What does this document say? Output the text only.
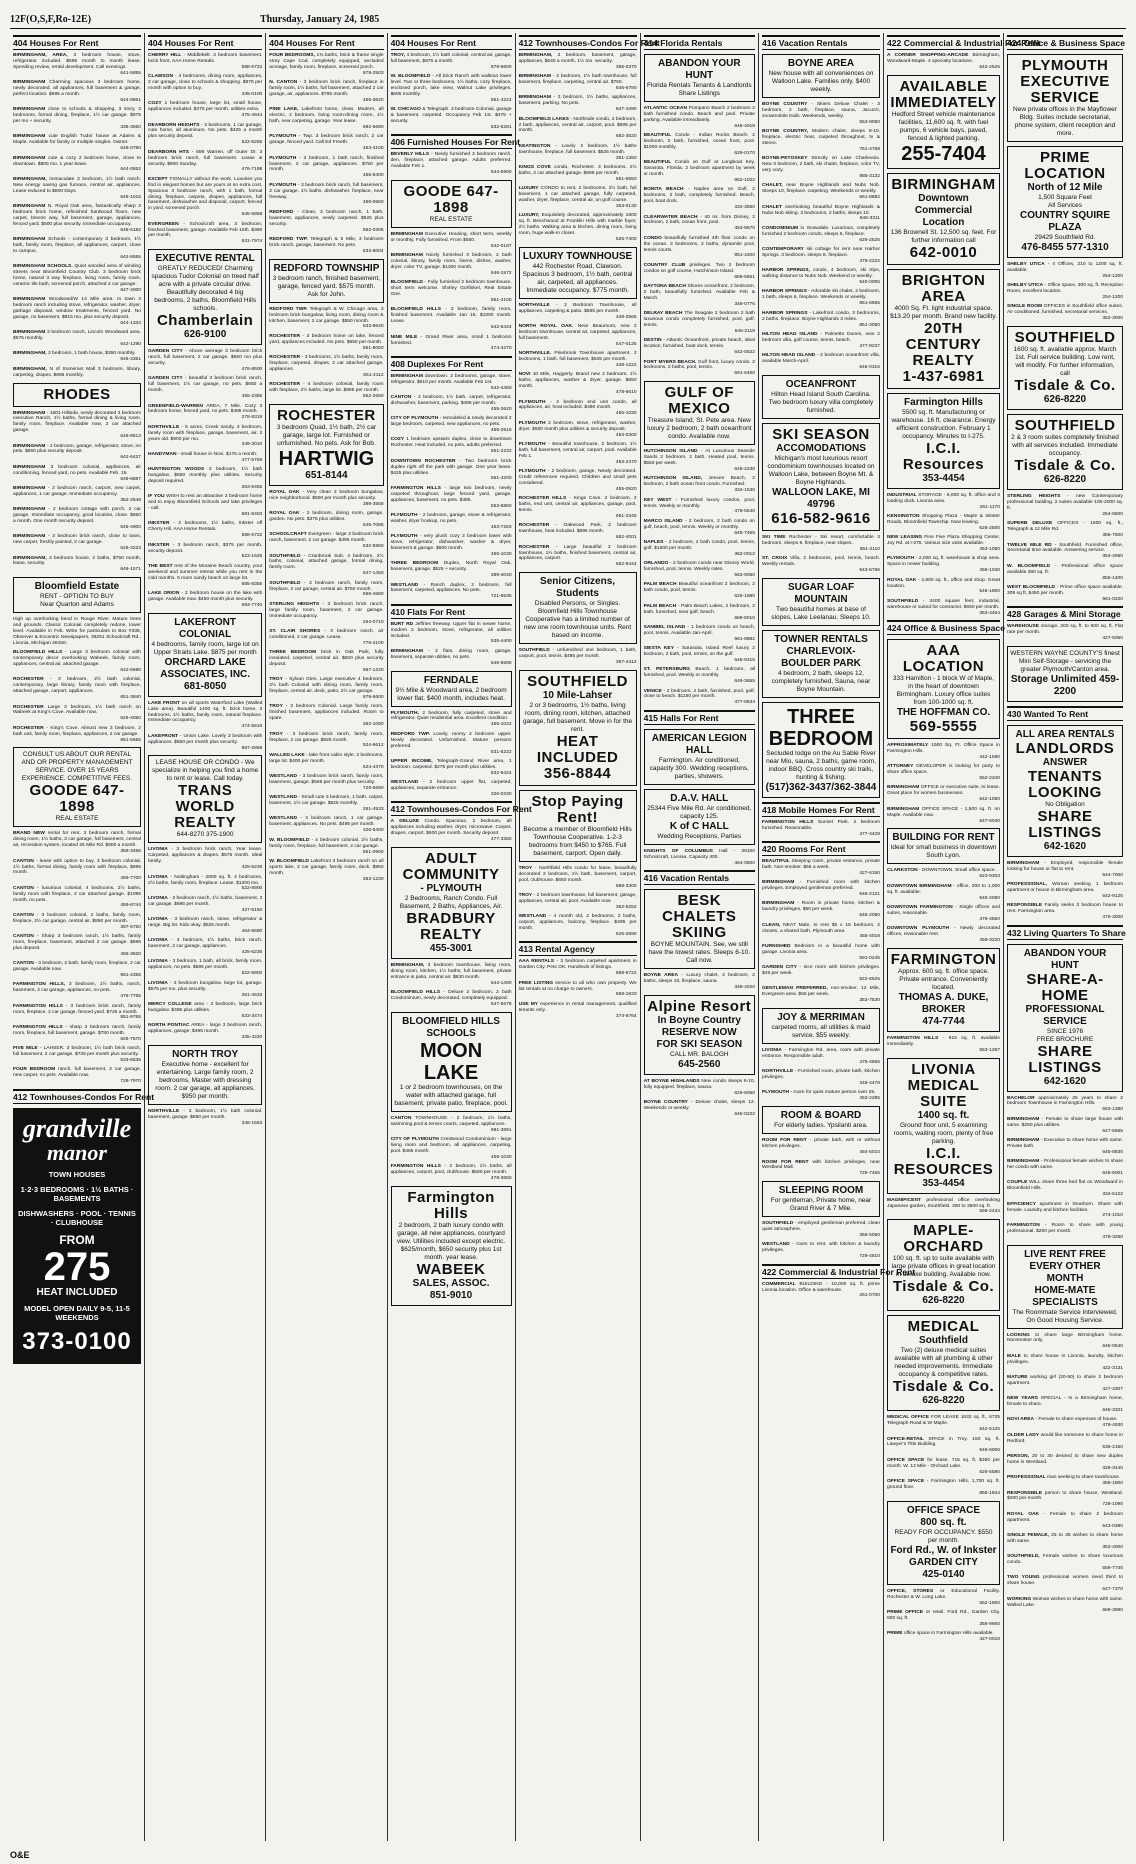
12F(O,S,F,Ro-12E)	Thursday, January 24, 1985
404 Houses For Rent
BIRMINGHAM, AREA, 3 bedroom house, stove, refrigerator included. $595 month to month lease. Spending review, rental development. Call evenings.
641-5855
BIRMINGHAM Charming spacious 3 bedroom home, newly decorated, all appliances, full basement & garage, perfect location. $695 a month.
644-6861
BIRMINGHAM close to schools & shopping, 3 story, 3 bedrooms, formal dining, fireplace, 1½ car garage. $975 per mo + security.
335-3550
BIRMINGHAM cute English Tudor house at Adams & Maple. Available for family or multiple singles. Owner.
645-0750
BIRMINGHAM cute & cozy 2 bedroom home, close to downtown. $800 mo. 1 year lease.
644-0652
BIRMINGHAM, immaculate 3 bedroom, 1½ bath ranch. New energy saving gas furnace, central air, appliances. Lease reduced to $800 Days.
645-1015
BIRMINGHAM N. Royal Oak area, fantastically sharp 3 bedroom brick home, refinished hardwood floors, new carpet, breeze way, full basement, garage, appliances, fenced yard. $500 plus security. Immediate occupancy.
645-5182
BIRMINGHAM Schools - contemporary 3 bedroom, 1½ bath, family room, fireplace, all appliances, carport, close to campus.
642-5555
BIRMINGHAM SCHOOLS. Quiet wooded area of winding streets near Bloomfield Country Club. 3 bedroom brick home, natural 3 way fireplace, living room, family room, ceramic tile bath, screened porch, attached 2 car garage.
647-4000
BIRMINGHAM Woodward/W 14 Mile area. In town 3 bedroom ranch including stove, refrigerator, washer, dryer, garbage disposal, window treatments, fenced yard. No garage, no basement. $815 mo. plus security deposit.
644-1334
BIRMINGHAM 3 bedroom ranch, Lincoln Woodward area. $575 monthly.
642-1290
BIRMINGHAM, 2 bedroom, 1 bath house, $350 monthly.
646-3351
BIRMINGHAM, N of Somerset Mall 3 bedroom, library, carpeting, drapes. $895 monthly.
RHODES
BIRMINGHAM - 1601 Hillside, newly decorated 3 bedroom executive Ranch, 1½ baths, formal dining & living room, family room, fireplace. Available now, 2 car attached garage.
645-8513
BIRMINGHAM - 2 bedroom, garage, refrigerator, stove, no pets. $550 plus security deposit.
642-6427
BIRMINGHAM 3 bedroom colonial, appliances, air conditioning, fenced yard, no pets. Available Feb. 15.
649-8887
BIRMINGHAM - 2 bedroom ranch, carport, new carpet, appliances, 1 car garage. Immediate occupancy.
352-2548
BIRMINGHAM - 2 bedroom cottage with porch, 2 car garage. Immediate occupancy, good location, close. $650 a month. One month security deposit.
645-4900
BIRMINGHAM - 3 bedroom brick ranch, close to town, new carpet, freshly painted, 2 car garage.
626-3223
BIRMINGHAM, 3 bedroom house, 2 baths, $750 month, lease, security.
646-1571
Bloomfield Estate
RENT - OPTION TO BUY
Near Quarton and Adams
High up overlooking bend in Rouge River. Mature trees and grounds. Classic Colonial completely redone, lower level. Available in Feb. Write for particulars to Box #338, Observer & Eccentric Newspapers, 36251 Schoolcraft Rd., Livonia, Michigan 48150.
BLOOMFIELD HILLS - Large 3 bedroom colonial with contemporary decor overlooking Wabeek, family room, appliances, central air, attached garage.
642-6690
ROCHESTER - 3 bedroom, 2½ bath colonial, contemporary, large library, family room with fireplace, attached garage, carport, appliances.
651-3840
ROCHESTER Large 3 bedroom, 1½ bath ranch on Wabeek at King's Cove. Available now.
626-4050
ROCHESTER - King's Cove. Almost new 3 bedroom, 2 bath unit, family room, fireplace, appliances, 2 car garage.
651-5655
CONSULT US ABOUT OUR RENTAL AND OR PROPERTY MANAGEMENT SERVICE. OVER 15 YEARS EXPERIENCE. COMPETITIVE FEES.
GOODE 647-1898
REAL ESTATE
BRAND NEW rental for rent. 3 bedroom ranch, formal dining room, 1½ baths, 2 car garage, full basement, central air, recreation system, located 25 Mile Rd. $800 a month.
358-3456
CANTON - lease with option to buy. 3 bedroom colonial, 1½ baths, formal dining, family room with fireplace, $695 month.
459-7700
CANTON - luxurious colonial, 4 bedrooms, 2½ baths, family room with fireplace, 2 car attached garage. $1095 month, no pets.
459-8744
CANTON - 3 bedroom colonial, 2 baths, family room, fireplace, 2½ car garage, central air. $850 per month.
397-6750
CANTON - Sharp 3 bedroom ranch, 1½ baths, family room, fireplace, basement, attached 2 car garage. $695 plus deposit.
455-3620
CANTON - 3 bedroom, 2 bath, family room, fireplace, 2 car garage. Available now.
981-4355
FARMINGTON HILLS, 3 bedroom, 1½ baths, ranch, basement, 2 car garage, appliances, no pets.
476-7765
FARMINGTON HILLS - 3 bedroom brick ranch, family room, fireplace, 2 car garage, fenced yard. $725 a month.
851-9755
FARMINGTON HILLS - sharp 3 bedroom ranch, family room, fireplace, full basement, garage. $750 month.
626-7570
FIVE MILE - LAHSER, 3 bedroom, 1½ bath brick ranch, full basement, 2 car garage. $725 per month plus security.
533-6535
FOUR BEDROOM ranch, full basement, 2 car garage, new carpet, no pets. Available now.
728-7970
412 Townhouses-Condos For Rent
grandville
manor
TOWN HOUSES
1·2·3 BEDROOMS · 1½ BATHS · BASEMENTS
DISHWASHERS · POOL · TENNIS · CLUBHOUSE
FROM
275
HEAT INCLUDED
MODEL OPEN DAILY 9-5, 11-5 WEEKENDS
373-0100
404 Houses For Rent
CHERRY HILL - Middlebelt. 3 bedroom basement, brick front, AAA Home Rentals.
588-6722
CLAWSON - 4 bedrooms, dining room, appliances, 2 car garage, close to schools & shopping. $975 per month with option to buy.
435-0100
COZY 1 bedroom house, large lot, small house, appliances included. $375 per month, utilities extra.
475-4944
DEARBORN HEIGHTS - 3 bedrooms, 1 car garage, cute home, all aluminum. No pets. $425 a month plus security deposit.
522-6265
DEARBORN HTS - 698 Warren, off Outer Dr. 3 bedroom brick ranch, full basement. Lease & security. $900 Sunday.
476-7198
EXCEPT TIONALLY without the work. Luxuries you find in elegant homes but are yours at no extra cost. Spacious 3 bedroom ranch, with 1 bath, formal dining, fireplace, carpets, drapes, appliances, full basement, dishwasher and disposal, carport, fenced in yard, screened porch.
645-5858
EVERGREEN - Schoolcraft area, 3 bedroom, finished basement, garage. Available Feb 15th. $380 per month.
531-7974
EXECUTIVE RENTAL
GREATLY REDUCED! Charming spacious Tudor Colonial on treed half acre with a private circular drive. Beautifully decorated 4 big bedrooms, 2 baths, Bloomfield Hills schools.
Chamberlain
626-9100
GARDEN CITY - Above average 3 bedroom brick ranch, full basement, 2 car garage. $650 mo plus security.
476-8500
GARDEN CITY - beautiful 3 bedroom brick ranch, full basement, 1½ car garage, no pets. $650 a month.
455-2355
GREENFIELD-WARREN AREA, 7 Mile. Cozy 3 bedroom home, fenced yard, no pets. $485 month.
278-8319
NORTHVILLE - 5 acres, Creek sandy, 3 bedroom, family room with fireplace, garage, basement, air. 2 years old. $900 per mo.
349-3010
HANDYMAN - small house in Novi. $175 a month.
477-5769
HUNTINGTON WOODS 3 bedroom, 1½ bath bungalow, $650 monthly plus utilities. Security deposit required.
263-6455
IF YOU WISH to rent an attractive 3 bedroom home and to enjoy Bloomfield Schools and lake privileges - call.
681-6403
INKSTER - 3 bedrooms, 1½ baths, Inkster off Cherry Hill. AAA Home Rentals.
588-6722
INKSTER - 3 bedroom ranch, $375 per month, security deposit.
523-1625
THE BEST rent of the Moraine Beach country, your weekend and summer retreat while you rent in the cold months. 5 room sandy beach on large lot.
685-8355
LAKE ORION - 2 bedroom house on the lake with garage. Available now. $450 month plus security.
693-7740
LAKEFRONT COLONIAL
4 bedrooms, family room, large lot on Upper Straits Lake. $875 per month
ORCHARD LAKE
ASSOCIATES, INC.
681-8050
LAKE FRONT on all sports Waterford Lake (Walled Lake area). Beautiful 1400 sq. ft. brick home, 3 bedrooms, 1½ baths, family room, natural fireplace. Immediate occupancy.
474-5616
LAKEFRONT - Union Lake. Lovely 3 bedroom with appliances. $550 per month plus security.
887-2868
LEASE HOUSE OR CONDO - We specialize in helping you find a home to rent or lease. Call today.
TRANS WORLD
REALTY
644-8270 375-1900
LIVONIA - 3 bedroom brick ranch, Year lease. Carpeted, appliances & drapes. $575 month. Ideal family.
425-6236
LIVONIA - Nottingham - 2800 sq. ft. 4 bedrooms, 2½ baths, family room, fireplace. Lease. $1200 mo.
522-8900
LIVONIA - 3 bedroom ranch, 1½ baths, basement, 2 car garage. $695 per month.
427-6150
LIVONIA - 3 bedroom ranch, stove, refrigerator & range. Big lot. Kids okay. $525 month.
464-6690
LIVONIA - 3 bedroom, 1½ baths, brick ranch, basement, 2 car garage, appliances.
425-6236
LIVONIA - 3 bedroom, 1 bath, all brick, family room, appliances, no pets. $595 per month.
522-8900
LIVONIA - 3 bedroom bungalow, large lot, garage. $575 per mo. plus security.
261-4533
MERCY COLLEGE area - 3 bedroom, large brick bungalow. $495 plus utilities.
533-3474
NORTH PONTIAC AREA - large 3 bedroom ranch, appliances, garage, $495 month.
335-4220
NORTH TROY
Executive home - excellent for entertaining. Large family room, 2 bedrooms, Master with dressing room. 2 car garage, all appliances. $950 per month.
NORTHVILLE - 3 bedroom, 1½ bath colonial, basement, garage. $850 per month.
348-1563
404 Houses For Rent
FOUR BEDROOMS, 1¾ baths, brick & frame single story Cape Cod, completely equipped, secluded acreage, family room, fireplace, screened porch.
879-2503
N. CANTON - 3 bedroom brick ranch, fireplace in family room, 1½ baths, full basement, attached 2 car garage, air, appliances. $795 month.
455-3620
PINE LAKE, Lakefront home, clean. Modern, all electric, 2 bedroom, living room-dining room, 1½ bath, new carpeting, garage. Year lease.
682-5690
PLYMOUTH - Twp. 3 bedroom brick ranch, 2 car garage, fenced yard. Call Ed Freeth.
453-4100
PLYMOUTH - 3 bedroom, 1 bath ranch, finished basement, 2 car garage, appliances. $750 per month.
455-8400
PLYMOUTH - 3 bedroom brick ranch, full basement, 2 car garage, 1½ baths, dishwasher, fireplace, near freeway.
459-0550
REDFORD - Clean, 3 bedroom ranch, 1 bath, basement, appliances, newly carpeted. $525 plus security.
592-0306
REDFORD TWP. Telegraph & 5 Mile, 3 bedroom brick ranch, garage, basement. No pets.
533-8004
REDFORD TOWNSHIP
3 bedroom ranch, finished basement, garage, fenced yard. $575 month. Ask for John.
REDFORD TWP. Telegraph & W. Chicago area, 3 bedroom brick bungalow, living room, dining room & kitchen, basement, 2 car garage. $550 month.
533-9640
ROCHESTER - 3 bedroom home on lake, fenced yard, appliances included. No pets. $650 per month.
651-8050
ROCHESTER - 3 bedrooms, 1½ baths, family room, fireplace, carpeted, drapes, 2 car attached garage, appliances.
651-2112
ROCHESTER - 4 bedroom colonial, family room with fireplace, 2½ baths, large lot. $995 per month.
652-2650
ROCHESTER
3 bedroom Quad, 1½ bath, 2½ car garage, large lot. Furnished or unfurnished. No pets. Ask for Bob.
HARTWIG
651-8144
ROYAL OAK - Very clean 3 bedroom bungalow, nice neighborhood. $500 per month plus security.
398-3558
ROYAL OAK - 2 bedroom, dining room, garage, garden. No pets. $375 plus utilities.
645-7085
SCHOOLCRAFT Evergreen - large 3 bedroom brick ranch, basement, 2 car garage. $495 month.
532-5960
SOUTHFIELD - Cranbrook Sub. 4 bedroom, 2½ baths, colonial, attached garage, formal dining, family room.
647-1450
SOUTHFIELD - 3 bedroom ranch, family room, fireplace, 2 car garage, central air. $750 month.
569-4680
STERLING HEIGHTS - 3 bedroom brick ranch, large family room, basement, 2 car garage. Immediate occupancy.
254-0710
ST. CLAIR SHORES - 3 bedroom ranch, air conditioned, 2 car garage. Lease.
776-4100
THREE BEDROOM brick in Oak Park, fully insulated, carpeted, central air. $650 plus security deposit.
967-1220
TROY - Sylvan Glen. Large executive 4 bedroom, 2½ bath Colonial with dining room, family room, fireplace, central air, deck, patio, 2½ car garage.
879-6600
TROY - 3 bedroom Colonial. Large family room, finished basement, appliances included. Room to spare.
362-1090
TROY - 3 bedroom brick ranch, family room, fireplace, 2 car garage. $825 month.
524-6612
WALLED LAKE - lake front cabin style, 2 bedrooms, large lot. $400 per month.
624-4370
WESTLAND - 3 bedroom brick ranch, family room, basement, garage. $585 per month plus security.
729-5690
WESTLAND - Small cute 3 bedroom, 1 bath, carpet, basement, 1½ car garage. $525 monthly.
261-4533
WESTLAND - 3 bedroom ranch, 1 car garage, basement, appliances. No pets. $495 per month.
326-5400
W. BLOOMFIELD - 4 bedroom colonial, 2½ baths, family room, fireplace, full basement, 2 car garage.
851-0900
W. BLOOMFIELD Lakefront 3 bedroom ranch on all sports lake, 2 car garage, family room, deck. $950 month.
363-1230
404 Houses For Rent
TROY, 4 bedroom, 1½ bath colonial, central air, garage, full basement, $875 a month.
879-6600
W. BLOOMFIELD - All brick Ranch with walkout lower level. Two or three bedrooms, 1½ baths, cozy fireplace, enclosed porch, lake view, Walnut Lake privileges. $695 monthly.
851-4224
W. CHICAGO & Telegraph. 3 bedroom Colonial, garage & basement, carpeted. Occupancy Feb 1st. $475 + security.
532-6281
406 Furnished Houses For Rent
BEVERLY HILLS - Newly furnished 3 bedroom ranch, den, fireplace, attached garage. Adults preferred. Available Feb 1.
644-5900
GOODE 647-1898
REAL ESTATE
BIRMINGHAM Executive Housing, short term, weekly or monthly. Fully furnished. From $550.
642-0187
BIRMINGHAM Nicely furnished 3 bedroom, 2 bath colonial, library, family room, linens, dishes, washer, dryer, color TV, garage. $1300 month.
646-1572
BLOOMFIELD - Fully furnished 2 bedroom townhouse, short term welcome. Shirley Gorfinkel, Real Estate One.
851-4100
BLOOMFIELD HILLS - 3 bedroom, family room, finished basement. Available Jan 15. $1000 month. Lease.
642-5444
NINE MILE - Grand River area, small 1 bedroom furnished.
474-4270
408 Duplexes For Rent
BIRMINGHAM downtown. 2 bedrooms, garage, stove, refrigerator. $610 per month. Available Feb 1st.
642-4450
CANTON - 2 bedroom, 1½ bath, carpet, refrigerator, dishwasher, basement, parking. $495 per month.
455-3620
CITY OF PLYMOUTH - remodeled & newly decorated 2 large bedroom, carpeted, new appliances, no pets.
455-2516
COZY 1 bedroom upstairs duplex, close to downtown Rochester. Heat included, no pets, adults preferred.
651-2232
DOWNTOWN ROCHESTER - Two bedroom brick duplex right off the park with garage. One year lease. $425 plus utilities.
651-4200
FARMINGTON HILLS - large two bedroom, newly carpeted throughout, large fenced yard, garage, appliances, basement, no pets. $495.
553-6850
PLYMOUTH - 2 bedroom, garage, stove & refrigerator, washer, dryer hookup, no pets.
453-7283
PLYMOUTH - very plush cozy 3 bedroom lower with stove, refrigerator, dishwasher, washer & dryer, basement & garage. $600 month.
455-1030
THREE BEDROOM Duplex, North Royal Oak, basement, garage. $525 + security.
399-4040
WESTLAND - Ranch duplex, 2 bedroom, full basement, carpeted, appliances. No pets.
721-6535
410 Flats For Rent
BURT RD Jeffries freeway. Upper flat in newer home, modern 2 bedroom, stove, refrigerator, all utilities included.
535-4400
BIRMINGHAM - 2 flats, dining room, garage, basement, separate utilities, no pets.
646-5596
FERNDALE
9½ Mile & Woodward area, 2 bedroom lower flat. $400 month, includes heat.
PLYMOUTH, 2 bedroom, fully carpeted, stove and refrigerator. Quiet residential area. Excellent condition.
455-1022
REDFORD TWP. Lovely, roomy 2 bedroom upper. Newly decorated. Unfurnished. Mature persons preferred.
531-6222
UPPER INCOME, Telegraph-Grand River area, 1 bedroom, carpeted. $275 per month plus utilities.
532-9424
WESTLAND - 2 bedroom upper flat, carpeted, appliances, separate entrance.
326-0330
412 Townhouses-Condos For Rent
A DELUXE Condo. Spacious, 2 bedroom, all appliances including washer, dryer, microwave. Carpet, drapes, carport. $600 per month. Security deposit.
477-3350
ADULT COMMUNITY
- PLYMOUTH
2 Bedrooms, Ranch Condo. Full Basement, 2 Baths, Appliances, Air.
BRADBURY REALTY
455-3001
BIRMINGHAM, 3 bedroom townhouse, living room, dining room, kitchen, 1½ baths, full basement, private entrance & patio, central air. $830 month.
644-1490
BLOOMFIELD HILLS - Deluxe 2 bedroom, 2 bath Condominium, newly decorated, completely equipped.
647-5678
BLOOMFIELD HILLS SCHOOLS
MOON LAKE
1 or 2 bedroom townhouses, on the water with attached garage, full basement, private patio, fireplace, pool.
CANTON TOWNHOUSE - 2 bedroom, 1½ baths, swimming pool & tennis courts, carpeted, appliances.
981-3891
CITY OF PLYMOUTH Crestwood Condominium - large living room and bedroom, all appliances, carpeting, pool. $465 month.
455-1030
FARMINGTON HILLS - 2 bedroom, 1½ baths, all appliances, carport, pool, clubhouse. $580 per month.
478-3650
Farmington Hills
2 bedroom, 2 bath luxury condo with garage, all new appliances, courtyard view. Utilities included except electric. $625/month, $650 security plus 1st month. year lease.
WABEEK
SALES, ASSOC.
851-9010
412 Townhouses-Condos For Rent
BIRMINGHAM, 2 bedroom, basement, garage, appliances, $640 a month, 1½ mo. security.
355-0370
BIRMINGHAM - 2 bedroom, 1½ bath townhouse, full basement, fireplace, carpeting, central air. $750.
646-6780
BIRMINGHAM - 3 bedroom, 1½ baths, appliances, basement, parking. No pets.
647-1090
BLOOMFIELD LAKES - Northside condo, 2 bedroom, 2 bath, appliances, central air, carport, pool. $695 per month.
682-3520
KEATINGTON - Lovely 2 bedroom, 1½ baths townhouse, fireplace, full basement. $525 month.
391-1350
KINGS COVE condo, Rochester. 3 bedrooms, 2½ baths, 2 car attached garage. $895 per month.
651-6550
LUXURY CONDO to rent, 2 bedrooms, 2½ bath, full basement, 1 car attached garage, fully carpeted, washer, dryer, fireplace, central air, on golf course.
353-0130
LUXURY, Exquisitely decorated, approximately 1600 sq. ft. Beechwood at Franklin Hills with marble foyer, 2½ baths. Walking area & kitchen, dining room, living room, huge walk-in closet.
626-7400
LUXURY TOWNHOUSE
442 Rochester Road, Clawson. Spacious 3 bedroom, 1½ bath, central air, carpeted, all appliances. Immediate occupancy. $775 month.
NORTHVILLE - 2 Bedroom Townhouse, all appliances, carpeting & patio. $585 per month.
349-2565
NORTH ROYAL OAK. Near Beaumont, new 2 bedroom townhouse, central air, carpeted, appliances, full basement.
547-0125
NORTHVILLE. Pinebrook Townhouse apartment. 2 bedrooms, 1 bath, full basement, $525 per month.
348-1222
NOVI 10 Mile, Haggerty. Brand new 2 bedroom, 1½ baths, appliances, washer & dryer, garage. $650 month.
478-6610
PLYMOUTH - 2 bedroom end unit condo, all appliances, air, heat included. $490 month.
455-1030
PLYMOUTH 2 bedroom, stove, refrigerator, washer, dryer. $500 month plus utilities & security deposit.
453-0300
PLYMOUTH - Beautiful townhouse, 2 bedroom, 1½ bath, full basement, central air, carport, pool. Available Feb 1.
453-2470
PLYMOUTH - 2 bedroom, garage, Newly decorated. Credit references required. Children and small pets considered.
455-0820
ROCHESTER HILLS - Kings Cove. 2 bedroom, 2 baths, end unit, central air, appliances, garage, pool, tennis.
651-2345
ROCHESTER - Oakwood Park, 2 bedroom townhouse, heat included. $595 month.
652-4001
ROCHESTER - Large beautiful 2 bedroom townhouse, 1½ baths, finished basement, central air, appliances, carport.
652-8444
Senior Citizens, Students
Disabled Persons, or Singles. Bloomfield Hills Townhouse Cooperative has a limited number of new one room townhouse units. Rent based on income.
SOUTHFIELD - unfurnished one bedroom, 1 bath, carport, pool, tennis. $495 per month.
357-4412
SOUTHFIELD
10 Mile-Lahser
2 or 3 bedrooms, 1½ baths, living room, dining room, kitchen, attached garage, full basement. Move in for the rent.
HEAT INCLUDED
356-8844
Stop Paying Rent!
Become a member of Bloomfield Hills Townhouse Cooperative. 1-2-3 bedrooms from $450 to $765. Full basement, carport. Open daily.
TROY - Northfield Hills condo for lease, beautifully decorated 2 bedroom, 1½ bath, basement, carport, pool, clubhouse. $650 month.
689-3300
TROY - 2 bedroom townhouse, full basement, garage, appliances, central air, pool. Available now.
362-5252
WESTLAND - 4 month old, 2 bedrooms, 2 baths, carport, appliances, balcony, fireplace. $495 per month.
525-2690
413 Rental Agency
AAA RENTALS - 3 bedroom carpeted apartment in Garden City. Pets OK. Hundreds of listings.
588-6722
FREE LISTING service to all who own property. We list rentals at no charge to owners.
569-1933
USE MY experience in rental management, qualified tenants only.
374-8764
414 Florida Rentals
ABANDON YOUR HUNT
Florida Rentals Tenants & Landlords Share Listings
ATLANTIC OCEAN Pompano Beach 2 bedroom 2 bath furnished condo. Beach and pool. Private parking. Available immediately.
646-4018
BEAUTIFUL Condo - Indian Rocks Beach. 2 bedroom, 2 bath, furnished, ocean front, pool. $1900 monthly.
626-0170
BEAUTIFUL Condo on Gulf at Longboat Key, Sarasota, Florida. 2 bedroom apartment by week or month.
852-1022
BONITA BEACH - Naples area on Gulf, 2 bedrooms, 2 bath, completely furnished. Beach, pool, boat dock.
332-3550
CLEARWATER BEACH - 40 mi. from Disney, 2 bedroom, 2 bath, ocean front, pool.
453-8570
CONDO beautifully furnished 4th floor condo on the ocean. 2 bedrooms, 2 baths, dynamite pool, tennis courts.
851-4200
COUNTRY CLUB privileges. Two 2 bedroom condos on golf course, Hutchinson Island.
689-5551
DAYTONA BEACH Shores oceanfront, 2 bedroom, 2 bath, beautifully furnished. Available Feb & March.
348-0776
DELRAY BEACH The Seagate 2 bedroom 2 bath luxurious condo completely furnished, pool, golf, tennis.
645-2118
DESTIN - Atlantic Oceanfront, private beach, ideal location, furnished, boat dock, tennis.
642-5522
FORT MYERS BEACH. Gulf front, luxury condo. 2 bedrooms, 2 baths, pool, tennis.
591-6460
GULF OF MEXICO
Treasure Island, St. Pete area. New luxury 2 bedroom, 2 bath oceanfront condo. Available now.
HUTCHINSON ISLAND - At Luxurious Seaside Sands 2 bedroom, 2 bath. Heated pool, tennis. $550 per week.
646-2230
HUTCHINSON ISLAND, Jensen Beach, 2 bedroom, 2 bath ocean front condo. Furnished.
334-1530
KEY WEST - Furnished luxury condos, pool, tennis. Weekly or monthly.
478-5540
MARCO ISLAND - 2 bedroom, 2 bath condo on gulf, beach, pool, tennis. Weekly or monthly.
646-7455
NAPLES - 2 bedroom, 2 bath condo, pool, tennis, golf. $1600 per month.
362-0012
ORLANDO - 2 bedroom condo near Disney World, furnished, pool, tennis. Weekly rates.
553-9050
PALM BEACH Beautiful oceanfront 2 bedroom, 2 bath condo, pool, tennis.
626-1680
PALM BEACH - Palm Beach Lakes, 2 bedroom, 2 bath, furnished, near golf, beach.
689-6010
SANIBEL ISLAND - 1 bedroom condo on beach, pool, tennis. Available Jan-April.
661-8882
SIESTA KEY - Sarasota, Island Reef luxury 2 bedroom, 2 bath, pool, tennis, on the gulf.
646-9315
ST. PETERSBURG Beach, 1 bedroom, all furnished, pool. Weekly or monthly.
646-3655
VENICE - 2 bedroom, 2 bath, furnished, pool, golf, close to beach. $1150 per month.
477-8834
415 Halls For Rent
AMERICAN LEGION HALL
Farmington. Air conditioned, capacity 300. Wedding receptions, parties, showers.
D.A.V. HALL
25344 Five Mile Rd. Air conditioned, capacity 125.
K of C HALL
Wedding Receptions, Parties
KNIGHTS OF COLUMBUS Hall - 39100 Schoolcraft, Livonia. Capacity 400.
464-0500
416 Vacation Rentals
BESK CHALETS
SKIING
BOYNE MOUNTAIN. See, we still have the lowest rates. Sleeps 6-10. Call now.
BOYNE AREA - Luxury chalet, 4 bedroom, 2 baths, sleeps 10, fireplace, sauna.
348-4020
Alpine Resort
In Boyne Country
RESERVE NOW
FOR SKI SEASON
CALL MR. BALOGH
645-2560
AT BOYNE HIGHLANDS New condo sleeps 8-10, fully equipped, fireplace, sauna.
626-6050
BOYNE COUNTRY - Deluxe chalet, sleeps 12. Weekends or weekly.
645-0222
416 Vacation Rentals
BOYNE AREA
New house with all conveniences on Walloon Lake. Families only. $400 weekly.
BOYNE COUNTRY - Skiers Deluxe Chalet - 3 bedroom, 2 bath, fireplace, sauna, Jacuzzi, snowmobile trails. Weekends, weekly.
553-9050
BOYNE COUNTRY, Modern chalet, sleeps 8-10, fireplace, electric heat, carpeted throughout, tv & stereo.
751-4768
BOYNE-PETOSKEY Directly on Lake Charlevoix. New 3 bedroom, 2 bath, ski chalet, fireplace, color TV, very cozy.
885-3132
CHALET, near Boyne Highlands and Nubs Nob. Sleeps 10, fireplace, carpeting. Weekends or weekly.
661-8882
CHALET overlooking beautiful Boyne Highlands & Nubs Nob skiing. 3 bedrooms, 2 baths, sleeps 10.
646-3311
CONDOMINIUM in Snowdale. Luxurious, completely furnished 2 bedroom condo, sleeps 6, fireplace.
626-2525
CONTEMPORARY ski cottage for rent near Harbor Springs. 3 bedroom, sleeps 8, fireplace.
478-2222
HARBOR SPRINGS, condo, 4 bedroom, ski trips, walking distance to Nubs Nob. Weekend or weekly.
540-0005
HARBOR SPRINGS - Adorable ski chalet, 2 bedroom, 1 bath, sleeps 6, fireplace. Weekends or weekly.
851-6655
HARBOR SPRINGS - Lakefront condo, 3 bedrooms, 2 baths, fireplace, Boyne Highlands 3 miles.
851-3050
HILTON HEAD ISLAND - Palmetto Dunes, new 2 bedroom villa, golf course, tennis, beach.
477-8237
HILTON HEAD ISLAND - 2 bedroom oceanfront villa, available March-April.
646-0315
OCEANFRONT
Hilton Head Island South Carolina. Two bedroom luxury villa completely furnished.
SKI SEASON
ACCOMODATIONS
Michigan's most luxurious resort condominium townhouses located on Walloon Lake, between Boyne Mt. & Boyne Highlands.
WALLOON LAKE, MI 49796
616-582-9616
SKI TIME Rochester - Ski resort, comfortable 3 bedroom, sleeps 8, fireplace, near slopes.
651-2110
ST. CROIX Villa, 2 bedrooms, pool, tennis, beach. Weekly rentals.
643-6766
SUGAR LOAF MOUNTAIN
Two beautiful homes at base of slopes, Lake Leelanau. Sleeps 10.
TOWNER RENTALS
CHARLEVOIX-BOULDER PARK
4 bedroom, 2 bath, sleeps 12, completely furnished, Sauna, near Boyne Mountain.
THREE BEDROOM
Secluded lodge on the Au Sable River near Mio, sauna, 2 baths, game room, indoor BBQ. Cross country ski trails, hunting & fishing.
(517)362-3437/362-3844
418 Mobile Homes For Rent
FARMINGTON HILLS Sunset Park. 2 bedroom furnished. Reasonable.
477-4429
420 Rooms For Rent
BEAUTIFUL Sleeping room, private entrance, private bath. Non-smoker. $55 a week.
427-6150
BIRMINGHAM - Furnished room with kitchen privileges. Employed gentleman preferred.
646-2121
BIRMINGHAM - Room in private home, kitchen & laundry privileges, $50 per week.
645-2080
CLEAN, NEAT Male, to rent $5 x 15 bedroom, 2 closets, a shared bath. Plymouth area.
455-4018
FURNISHED Bedroom in a beautiful home with garage. Livonia area.
591-0245
GARDEN CITY - nice room with kitchen privileges. $45 per week.
522-6625
GENTLEMAN PREFERRED, non-smoker, 12 Mile, Evergreen area. $55 per week.
353-7530
JOY & MERRIMAN
carpeted rooms, all utilities & maid service. $55 weekly.
LIVONIA - Farmington Rd. area, room with private entrance. Responsible adult.
476-4655
NORTHVILLE - Furnished room, private bath, kitchen privileges.
349-4478
PLYMOUTH - room for quiet mature person over 25.
453-2285
ROOM & BOARD
For elderly ladies. Ypsilanti area.
ROOM FOR RENT - private bath, with or without kitchen privileges.
464-5010
ROOM FOR RENT with kitchen privileges, near Westland Mall.
729-7455
SLEEPING ROOM
For gentleman, Private home, near Grand River & 7 Mile.
SOUTHFIELD - employed gentleman preferred, clean quiet atmosphere.
358-5050
WESTLAND - room to rent, with kitchen & laundry privileges.
729-4810
422 Commercial & Industrial For Rent
COMMERCIAL BUILDING - 10,000 sq. ft. prime Livonia location. Office & warehouse.
261-0700
422 Commercial & Industrial For Rent
A CORNER SHOPPING-ARCADE Birmingham, Woodward-Maple. 4 specialty locations.
642-2525
AVAILABLE
IMMEDIATELY
Hedford Street vehicle maintenance facilities, 11,600 sq. ft. with fuel pumps, 6 vehicle bays, paved, fenced & lighted parking.
255-7404
BIRMINGHAM
Downtown
Commercial
Location
136 Brownell St. 12,500 sq. feet. For further information call
642-0010
BRIGHTON AREA
4000 Sq. Ft. light industrial space. $13.20 per month. Brand new facility.
20TH CENTURY
REALTY
1-437-6981
Farmington Hills
5500 sq. ft. Manufacturing or warehouse. 16 ft. clearance. Energy efficient construction. February 1 occupancy. Minutes to I-275.
I.C.I. Resources
353-4454
INDUSTRIAL STORAGE - 6,000 sq. ft. office and 3 loading dock. Livonia area.
261-1170
KENSINGTON Shopping Plaza - Maple & Inkster Roads, Bloomfield Township. Now leasing.
626-2500
NEW LEASING Fine Five Plaza Shopping Center, Joy Rd. at I-275, Various size units available.
453-1050
PLYMOUTH - 2,000 sq. ft. warehouse & shop area. Space in newer building.
459-1040
ROYAL OAK - 2,800 sq. ft., office and shop. Great location.
546-1800
SOUTHFIELD - 3400 square feet, industrial, warehouse or suited for contractor. $650 per month.
353-4454
424 Office & Business Space
AAA
LOCATION
333 Hamilton - 1 block W of Maple, in the heart of downtown Birmingham. Luxury office suites from 100-1000 sq. ft.
THE HOFFMAN CO.
569-5555
APPROXIMATELY 1500 Sq. Ft. Office Space in Farmington Hills.
442-1590
ATTORNEY DEVELOPER is looking for party to share office space.
552-2340
BIRMINGHAM OFFICE or executive suite, to lease. Great place for women businesses.
642-1050
BIRMINGHAM OFFICE SPACE - 1,500 sq. ft. on Maple. Available now.
647-6040
BUILDING FOR RENT
Ideal for small business in downtown South Lyon.
CLARKSTON - DOWNTOWN. Small office space.
623-9303
DOWNTOWN BIRMINGHAM - office, 200 to 1,000 sq. ft. available.
645-2080
DOWNTOWN FARMINGTON - Single offices and suites, reasonable.
478-4650
DOWNTOWN PLYMOUTH - Newly decorated offices, reasonable rent.
459-3220
FARMINGTON
Approx. 600 sq. ft. office space. Private entrance. Conveniently located.
THOMAS A. DUKE, BROKER
474-7744
FARMINGTON HILLS - 815 sq. ft. available immediately.
553-1287
LIVONIA
MEDICAL SUITE
1400 sq. ft.
Ground floor unit, 5 examining rooms, waiting room, plenty of free parking.
I.C.I. RESOURCES
353-4454
MAGNIFICENT professional office overlooking Japanese garden, Southfield. 300 to 3500 sq. ft.
559-2434
MAPLE-ORCHARD
100 sq. ft. up to suite available with large private offices in great location in deluxe building. Available now.
Tisdale & Co.
626-8220
MEDICAL
Southfield
Two (2) deluxe medical suites available with all plumbing & other needed improvements. Immediate occupancy & competitive rates.
Tisdale & Co.
626-8220
MEDICAL OFFICE FOR LEASE 1632 sq. ft., 6725 Telegraph Road & W Maple.
642-5125
OFFICE-RETAIL SPACE in Troy. 150 sq. ft. Lawyer's Title Building.
646-6006
OFFICE SPACE for lease. 715 sq. ft. $350 per month. W. 12 Mile - Orchard Lake.
626-5580
OFFICE SPACE - Farmington Hills, 1,700 sq. ft. ground floor.
855-1844
OFFICE SPACE
800 sq. ft.
READY FOR OCCUPANCY. $550 per month.
Ford Rd., W. of Inkster
GARDEN CITY
425-0140
OFFICE, STORES or Educational Facility. Rochester & W. Long Lake.
652-1800
PRIME OFFICE or retail. Ford Rd., Garden City. 800 sq. ft.
356-9900
PRIME office space in Farmington Hills available.
427-0018
424 Office & Business Space
PLYMOUTH
EXECUTIVE
SERVICE
New private offices in the Mayflower Bldg. Suites include secretarial, phone system, client reception and more.
PRIME LOCATION
North of 12 Mile
1,500 Square Feet
All Services
COUNTRY SQUIRE PLAZA
29429 Southfield Rd.
476-8455 577-1310
SHELBY UTICA - 4 Offices, 210 to 1200 sq. ft. available.
254-1200
SHELBY UTICA - Office space, 300 sq. ft. Reception Room, excellent location.
254-1200
SINGLE ROOM OFFICES in Southfield office suites. Air conditioned, furnished, secretarial services.
352-3000
SOUTHFIELD
1600 sq. ft. available approx. March 1st. Full service building. Low rent, will modify. For further information, call
Tisdale & Co.
626-8220
SOUTHFIELD
2 & 3 room suites completely finished with all services included. Immediate occupancy.
Tisdale & Co.
626-8220
STERLING HEIGHTS - new Contemporary professional building. 2 suites available 100-2000 sq. ft.
254-9500
SUPERB DELUXE OFFICES - 1600 sq. ft., Telegraph & 12 Mile Rd.
356-7500
TWELVE MILE RD - Southfield. Furnished office, Secretarial time available. Answering service.
354-4060
W. BLOOMFIELD - Professional office space available 380 sq. ft.
855-1400
WEST BLOOMFIELD - Prime office space available. 305 sq ft, $450 per month.
661-0220
428 Garages & Mini Storage
WAREHOUSE storage, 200 sq. ft. to 600 sq. ft. Flat rate per month.
427-5050
WESTERN WAYNE COUNTY'S finest Mini Self-Storage - servicing the greater Plymouth/Canton area.
Storage Unlimited 459-2200
430 Wanted To Rent
ALL AREA RENTALS
LANDLORDS
ANSWER
TENANTS LOOKING
No Obligation
SHARE LISTINGS
642-1620
BIRMINGHAM - Employed, responsible female looking for house or flat to rent.
544-7000
PROFESSIONAL, Woman seeking 1 bedroom apartment or house in Birmingham area.
642-9125
RESPONSIBLE Family seeks 3 bedroom house to rent. Farmington area.
476-3000
432 Living Quarters To Share
ABANDON YOUR HUNT
SHARE-A-HOME
PROFESSIONAL SERVICE
SINCE 1976
FREE BROCHURE
SHARE LISTINGS
642-1620
BACHELOR approximately 25 years to share 2 bedroom Townhouse in Farmington Hills.
553-1380
BIRMINGHAM - Female to share large house with same. $250 plus utilities.
647-5565
BIRMINGHAM - Executive to share home with same. Private bath.
645-8830
BIRMINGHAM - Professional female wishes to share her condo with same.
646-6001
COUPLE WILL share three bed flat on Woodward in Bloomfield Hills.
334-6122
EFFICIENCY apartment in Dearborn. Share with female. Laundry and kitchen facilities.
274-1010
FARMINGTON - Room to share with young professional. $200 per month.
478-3260
LIVE RENT FREE
EVERY OTHER MONTH
HOME-MATE
SPECIALISTS
The Roommate Service Interviewed. On Good Housing Service.
LOOKING to share large Birmingham home. Nonsmoker only.
645-0540
MALE to share house in Livonia, laundry, kitchen privileges.
422-3131
MATURE working girl (20-50) to share 2 bedroom apartment.
427-3307
NEW YEARS SPECIAL - In a Birmingham home, female to share.
645-3321
NOVI AREA - Female to share expenses of house.
478-4930
OLDER LADY would like someone to share home in Redford.
535-2150
PERSON, 20 to 30 desired to share new duplex home in Westland.
326-3440
PROFESSIONAL man seeking to share townhouse.
358-1800
RESPONSIBLE person to share house, Westland. $200 per month.
728-1090
ROYAL OAK - Female to share 2 bedroom apartment.
543-0380
SINGLE FEMALE, 25 to 35 wishes to share home with same.
352-4000
SOUTHFIELD, Female wishes to share luxurious condo.
559-7740
TWO YOUNG professional women need third to share house.
647-7370
WORKING Woman wishes to share home with same. Walled Lake.
669-3890
O&E
